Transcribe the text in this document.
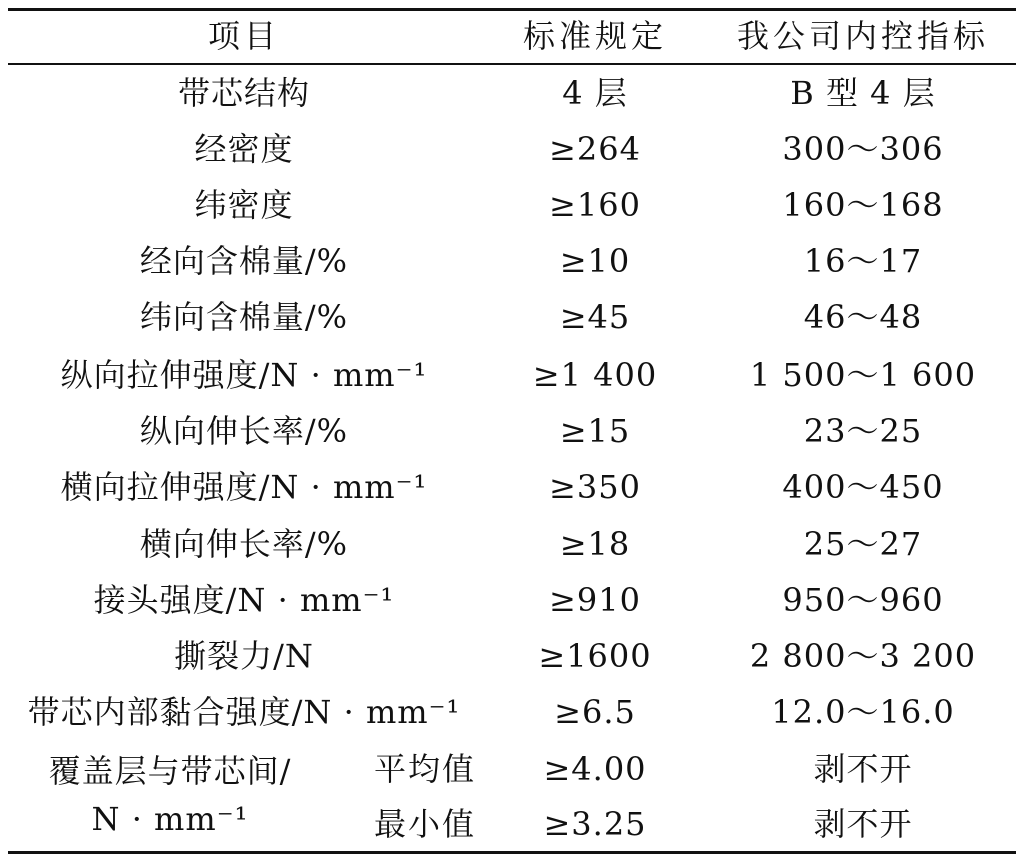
项目	标准规定	我公司内控指标
带芯结构	4 层	B 型 4 层
经密度	≥264	300～306
纬密度	≥160	160～168
经向含棉量/%	≥10	16～17
纬向含棉量/%	≥45	46～48
纵向拉伸强度/N · mm⁻¹	≥1 400	1 500～1 600
纵向伸长率/%	≥15	23～25
横向拉伸强度/N · mm⁻¹	≥350	400～450
横向伸长率/%	≥18	25～27
接头强度/N · mm⁻¹	≥910	950～960
撕裂力/N	≥1600	2 800～3 200
带芯内部黏合强度/N · mm⁻¹	≥6.5	12.0～16.0
覆盖层与带芯间/
N · mm⁻¹
平均值	≥4.00	剥不开
最小值	≥3.25	剥不开
